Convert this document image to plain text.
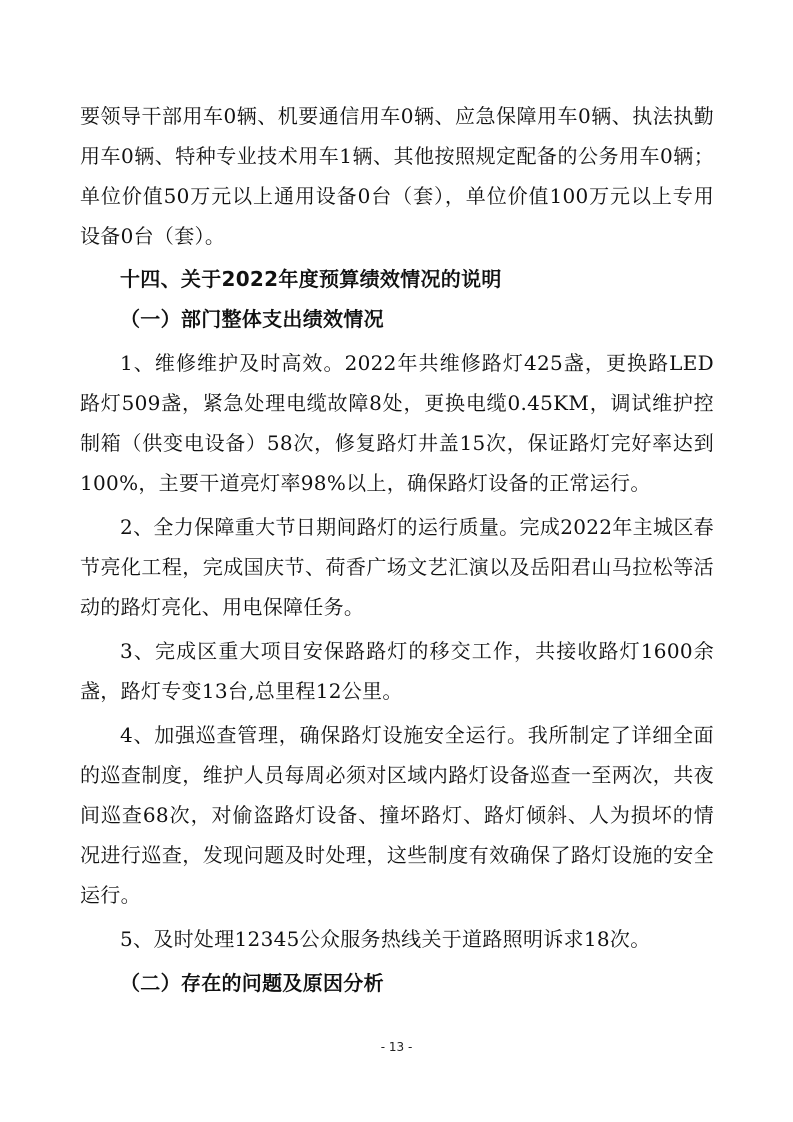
要领导干部用车0辆、机要通信用车0辆、应急保障用车0辆、执法执勤用车0辆、特种专业技术用车1辆、其他按照规定配备的公务用车0辆；单位价值50万元以上通用设备0台（套），单位价值100万元以上专用设备0台（套）。

十四、关于2022年度预算绩效情况的说明

（一）部门整体支出绩效情况

1、维修维护及时高效。2022年共维修路灯425盏，更换路LED路灯509盏，紧急处理电缆故障8处，更换电缆0.45KM，调试维护控制箱（供变电设备）58次，修复路灯井盖15次，保证路灯完好率达到100%，主要干道亮灯率98%以上，确保路灯设备的正常运行。

2、全力保障重大节日期间路灯的运行质量。完成2022年主城区春节亮化工程，完成国庆节、荷香广场文艺汇演以及岳阳君山马拉松等活动的路灯亮化、用电保障任务。

3、完成区重大项目安保路路灯的移交工作，共接收路灯1600余盏，路灯专变13台,总里程12公里。

4、加强巡查管理，确保路灯设施安全运行。我所制定了详细全面的巡查制度，维护人员每周必须对区域内路灯设备巡查一至两次，共夜间巡查68次，对偷盗路灯设备、撞坏路灯、路灯倾斜、人为损坏的情况进行巡查，发现问题及时处理，这些制度有效确保了路灯设施的安全运行。

5、及时处理12345公众服务热线关于道路照明诉求18次。

（二）存在的问题及原因分析

- 13 -
